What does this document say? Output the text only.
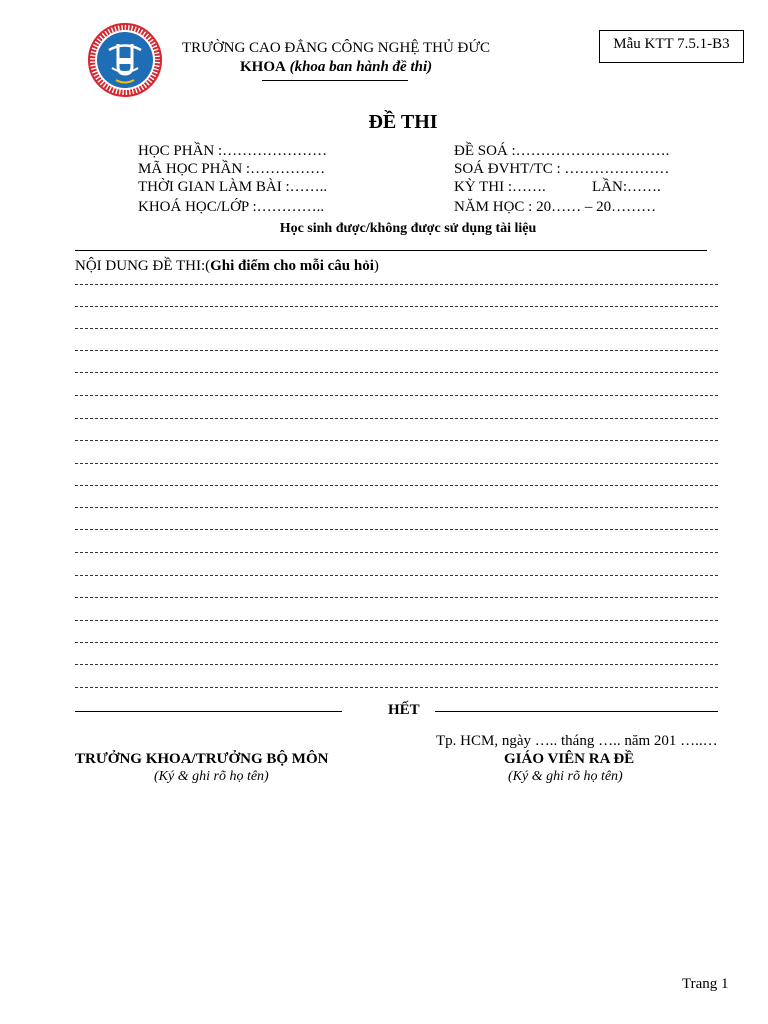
TRƯỜNG CAO ĐẲNG CÔNG NGHỆ THỦ ĐỨC
KHOA (khoa ban hành đề thi)
Mẫu KTT 7.5.1-B3
ĐỀ THI
HỌC PHẦN :…………………
MÃ HỌC PHẦN :……………
THỜI GIAN LÀM BÀI :……..
KHOÁ HỌC/LỚP :…………..
ĐỀ SOÁ :………………………….
SOÁ ĐVHT/TC : …………………
KỲ THI :…….	LẦN:…….
NĂM HỌC : 20…… – 20………
Học sinh được/không được sử dụng tài liệu
NỘI DUNG ĐỀ THI:(Ghi điểm cho mỗi câu hỏi)
HẾT
Tp. HCM, ngày ….. tháng ….. năm 201 …..…
TRƯỞNG KHOA/TRƯỞNG BỘ MÔN
(Ký & ghi rõ họ tên)
GIÁO VIÊN RA ĐỀ
(Ký & ghi rõ họ tên)
Trang 1
